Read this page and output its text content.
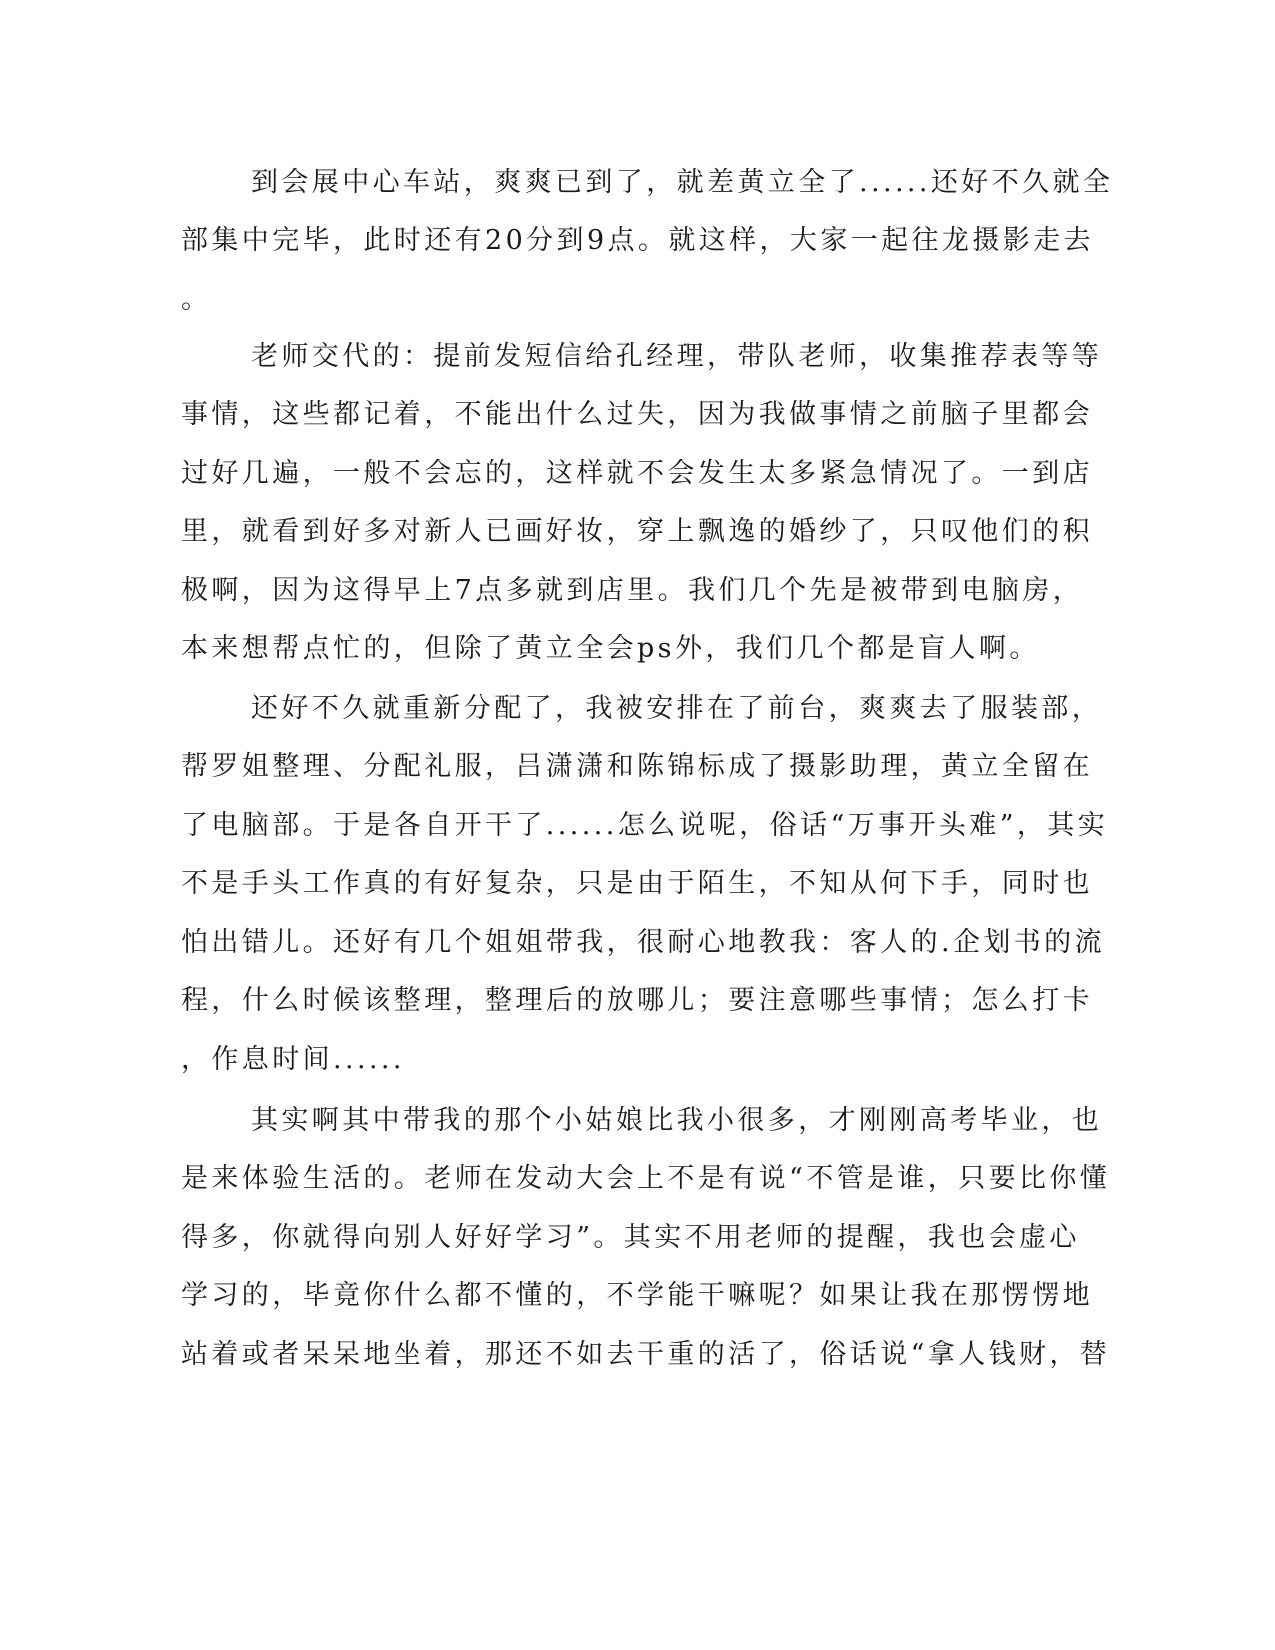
到会展中心车站，爽爽已到了，就差黄立全了......还好不久就全
部集中完毕，此时还有20分到9点。就这样，大家一起往龙摄影走去
。
老师交代的：提前发短信给孔经理，带队老师，收集推荐表等等
事情，这些都记着，不能出什么过失，因为我做事情之前脑子里都会
过好几遍，一般不会忘的，这样就不会发生太多紧急情况了。一到店
里，就看到好多对新人已画好妆，穿上飘逸的婚纱了，只叹他们的积
极啊，因为这得早上7点多就到店里。我们几个先是被带到电脑房，
本来想帮点忙的，但除了黄立全会ps外，我们几个都是盲人啊。
还好不久就重新分配了，我被安排在了前台，爽爽去了服装部，
帮罗姐整理、分配礼服，吕潇潇和陈锦标成了摄影助理，黄立全留在
了电脑部。于是各自开干了......怎么说呢，俗话“万事开头难”，其实
不是手头工作真的有好复杂，只是由于陌生，不知从何下手，同时也
怕出错儿。还好有几个姐姐带我，很耐心地教我：客人的.企划书的流
程，什么时候该整理，整理后的放哪儿；要注意哪些事情；怎么打卡
，作息时间......
其实啊其中带我的那个小姑娘比我小很多，才刚刚高考毕业，也
是来体验生活的。老师在发动大会上不是有说“不管是谁，只要比你懂
得多，你就得向别人好好学习”。其实不用老师的提醒，我也会虚心
学习的，毕竟你什么都不懂的，不学能干嘛呢？如果让我在那愣愣地
站着或者呆呆地坐着，那还不如去干重的活了，俗话说“拿人钱财，替
